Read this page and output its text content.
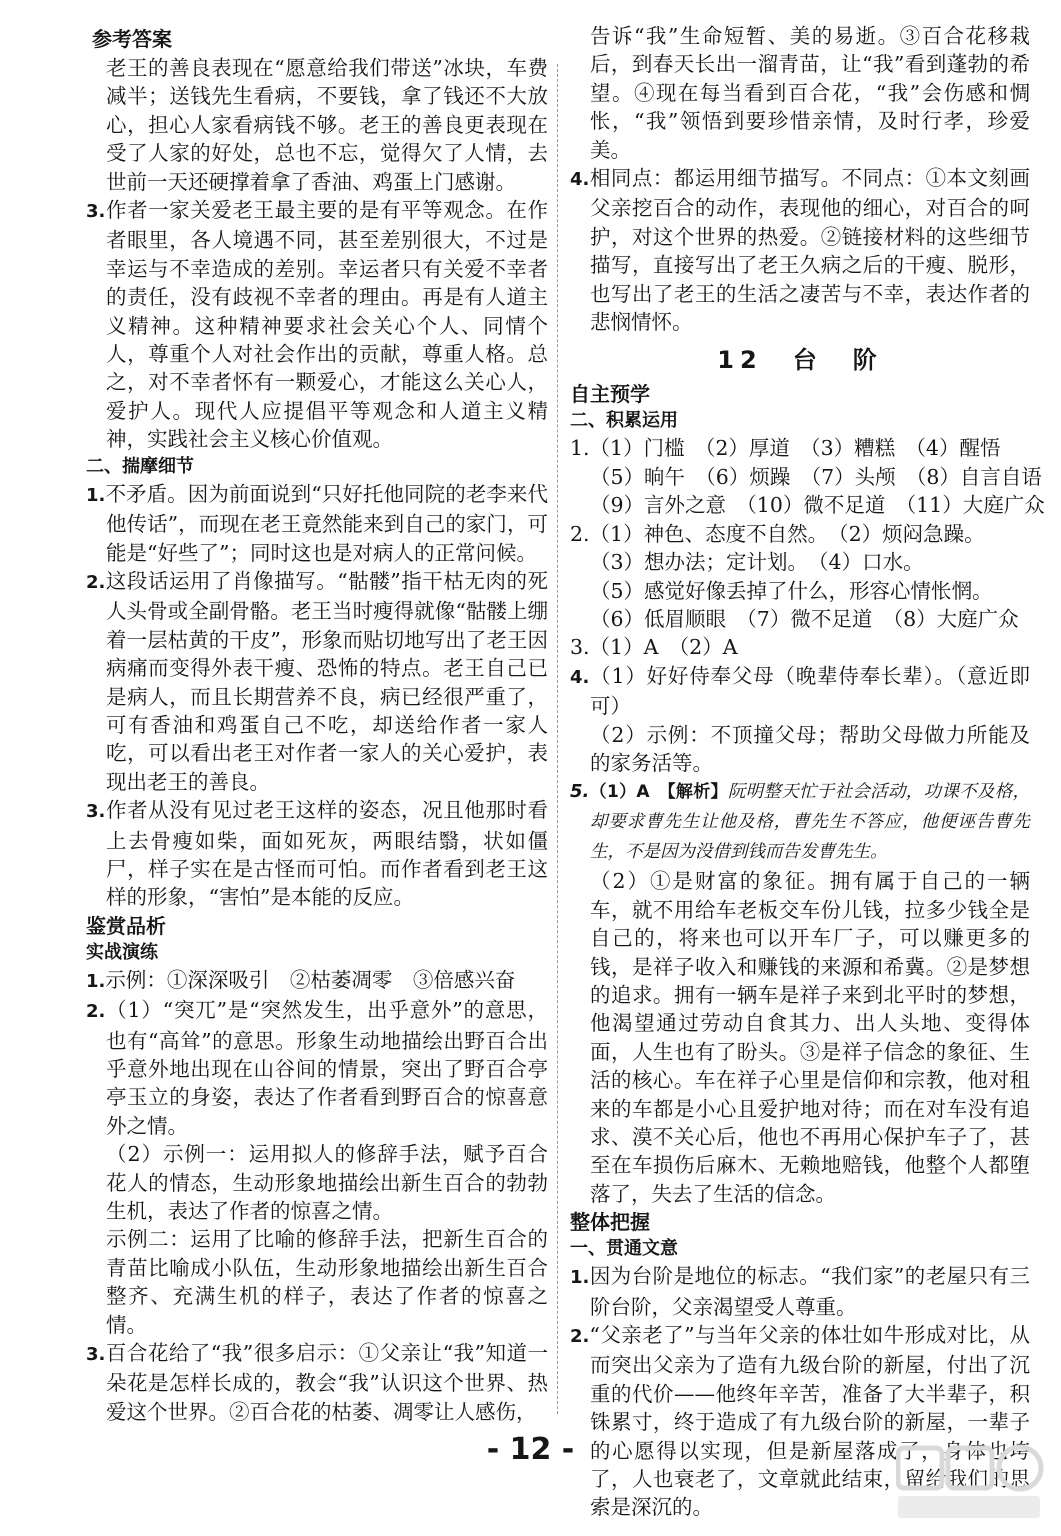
参考答案
老王的善良表现在“愿意给我们带送”冰块，车费减半；送钱先生看病，不要钱，拿了钱还不大放心，担心人家看病钱不够。老王的善良更表现在受了人家的好处，总也不忘，觉得欠了人情，去世前一天还硬撑着拿了香油、鸡蛋上门感谢。
3.作者一家关爱老王最主要的是有平等观念。在作者眼里，各人境遇不同，甚至差别很大，不过是幸运与不幸造成的差别。幸运者只有关爱不幸者的责任，没有歧视不幸者的理由。再是有人道主义精神。这种精神要求社会关心个人、同情个人，尊重个人对社会作出的贡献，尊重人格。总之，对不幸者怀有一颗爱心，才能这么关心人，爱护人。现代人应提倡平等观念和人道主义精神，实践社会主义核心价值观。
二、揣摩细节
1.不矛盾。因为前面说到“只好托他同院的老李来代他传话”，而现在老王竟然能来到自己的家门，可能是“好些了”；同时这也是对病人的正常问候。
2.这段话运用了肖像描写。“骷髅”指干枯无肉的死人头骨或全副骨骼。老王当时瘦得就像“骷髅上绷着一层枯黄的干皮”，形象而贴切地写出了老王因病痛而变得外表干瘦、恐怖的特点。老王自己已是病人，而且长期营养不良，病已经很严重了，可有香油和鸡蛋自己不吃，却送给作者一家人吃，可以看出老王对作者一家人的关心爱护，表现出老王的善良。
3.作者从没有见过老王这样的姿态，况且他那时看上去骨瘦如柴，面如死灰，两眼结翳，状如僵尸，样子实在是古怪而可怕。而作者看到老王这样的形象，“害怕”是本能的反应。
鉴赏品析
实战演练
1.示例：①深深吸引　②枯萎凋零　③倍感兴奋
2.（1）“突兀”是“突然发生，出乎意外”的意思，也有“高耸”的意思。形象生动地描绘出野百合出乎意外地出现在山谷间的情景，突出了野百合亭亭玉立的身姿，表达了作者看到野百合的惊喜意外之情。
（2）示例一：运用拟人的修辞手法，赋予百合花人的情态，生动形象地描绘出新生百合的勃勃生机，表达了作者的惊喜之情。
示例二：运用了比喻的修辞手法，把新生百合的青苗比喻成小队伍，生动形象地描绘出新生百合整齐、充满生机的样子，表达了作者的惊喜之情。
3.百合花给了“我”很多启示：①父亲让“我”知道一朵花是怎样长成的，教会“我”认识这个世界、热爱这个世界。②百合花的枯萎、凋零让人感伤，
告诉“我”生命短暂、美的易逝。③百合花移栽后，到春天长出一溜青苗，让“我”看到蓬勃的希望。④现在每当看到百合花，“我”会伤感和惆怅，“我”领悟到要珍惜亲情，及时行孝，珍爱美。
4.相同点：都运用细节描写。不同点：①本文刻画父亲挖百合的动作，表现他的细心，对百合的呵护，对这个世界的热爱。②链接材料的这些细节描写，直接写出了老王久病之后的干瘦、脱形，也写出了老王的生活之凄苦与不幸，表达作者的悲悯情怀。
12　台　阶
自主预学
二、积累运用
1.（1）门槛　（2）厚道　（3）糟糕　（4）醒悟
（5）晌午　（6）烦躁　（7）头颅　（8）自言自语
（9）言外之意　（10）微不足道　（11）大庭广众
2.（1）神色、态度不自然。　（2）烦闷急躁。
（3）想办法；定计划。　（4）口水。
（5）感觉好像丢掉了什么，形容心情怅惘。
（6）低眉顺眼　（7）微不足道　（8）大庭广众
3.（1）A　（2）A
4.（1）好好侍奉父母（晚辈侍奉长辈）。（意近即可）
（2）示例：不顶撞父母；帮助父母做力所能及的家务活等。
5.（1）A　【解析】阮明整天忙于社会活动，功课不及格，却要求曹先生让他及格，曹先生不答应，他便诬告曹先生，不是因为没借到钱而告发曹先生。
（2）①是财富的象征。拥有属于自己的一辆车，就不用给车老板交车份儿钱，拉多少钱全是自己的，将来也可以开车厂子，可以赚更多的钱，是祥子收入和赚钱的来源和希冀。②是梦想的追求。拥有一辆车是祥子来到北平时的梦想，他渴望通过劳动自食其力、出人头地、变得体面，人生也有了盼头。③是祥子信念的象征、生活的核心。车在祥子心里是信仰和宗教，他对租来的车都是小心且爱护地对待；而在对车没有追求、漠不关心后，他也不再用心保护车子了，甚至在车损伤后麻木、无赖地赔钱，他整个人都堕落了，失去了生活的信念。
整体把握
一、贯通文意
1.因为台阶是地位的标志。“我们家”的老屋只有三阶台阶，父亲渴望受人尊重。
2.“父亲老了”与当年父亲的体壮如牛形成对比，从而突出父亲为了造有九级台阶的新屋，付出了沉重的代价——他终年辛苦，准备了大半辈子，积铢累寸，终于造成了有九级台阶的新屋，一辈子的心愿得以实现，但是新屋落成了，身体也垮了，人也衰老了，文章就此结束，留给我们的思索是深沉的。
- 12 -
